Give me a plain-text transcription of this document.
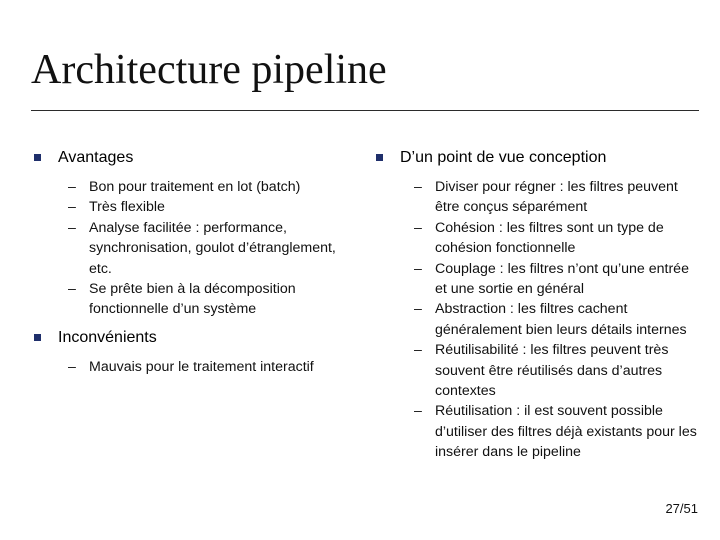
Architecture pipeline
Avantages
– Bon pour traitement en lot (batch)
– Très flexible
– Analyse facilitée : performance, synchronisation, goulot d’étranglement, etc.
– Se prête bien à la décomposition fonctionnelle d’un système
Inconvénients
– Mauvais pour le traitement interactif
D’un point de vue conception
– Diviser pour régner : les filtres peuvent être conçus séparément
– Cohésion : les filtres sont un type de cohésion fonctionnelle
– Couplage : les filtres n’ont qu’une entrée et une sortie en général
– Abstraction : les filtres cachent généralement bien leurs détails internes
– Réutilisabilité : les filtres peuvent très souvent être réutilisés dans d’autres contextes
– Réutilisation : il est souvent possible d’utiliser des filtres déjà existants pour les insérer dans le pipeline
27/51
